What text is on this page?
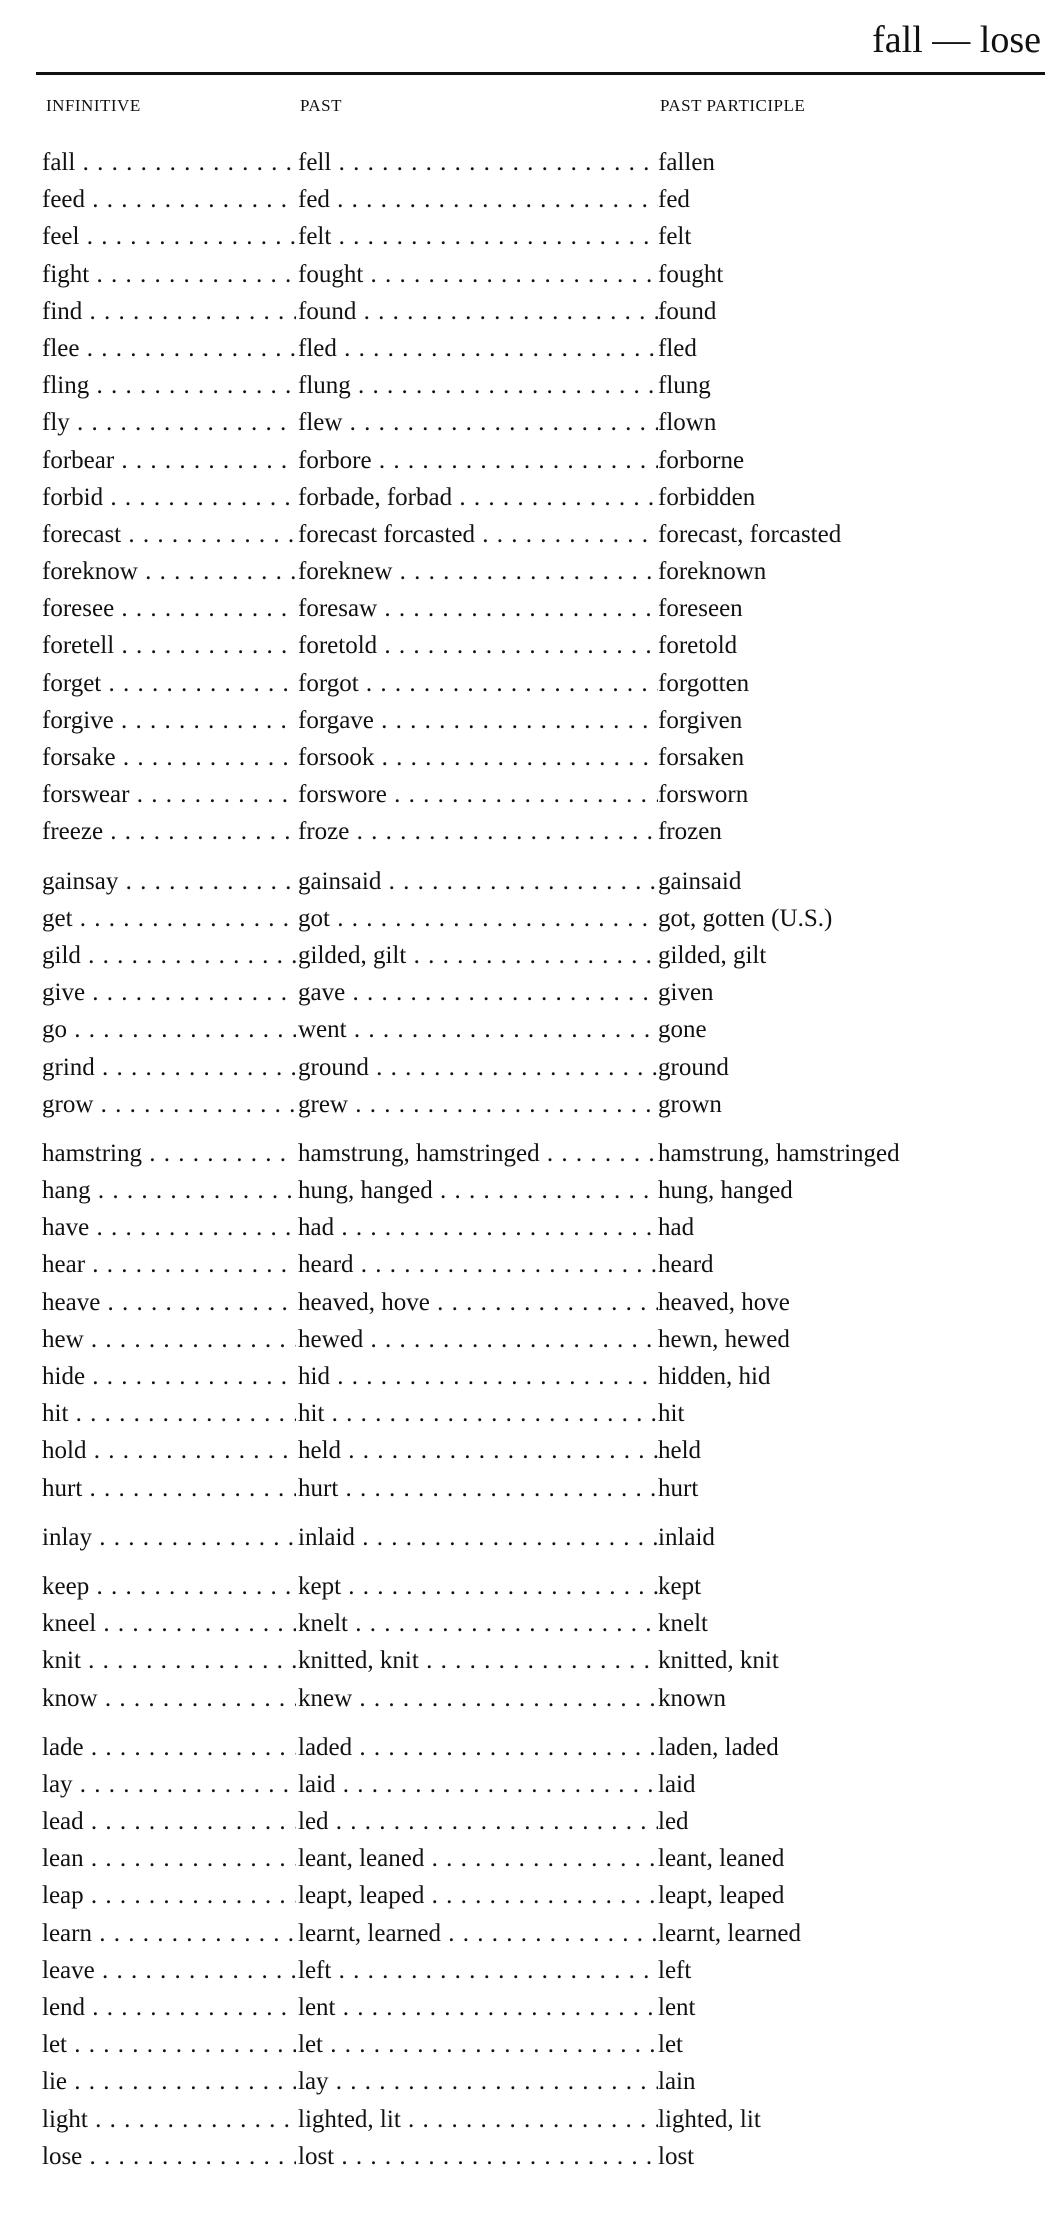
fall — lose
INFINITIVE	PAST	PAST PARTICIPLE
fall . . .	fell . . .	fallen
feed . . .	fed . . .	fed
feel . . .	felt . . .	felt
fight . . .	fought . . .	fought
find . . .	found . . .	found
flee . . .	fled . . .	fled
fling . . .	flung . . .	flung
fly . . .	flew . . .	flown
forbear . . .	forbore . . .	forborne
forbid . . .	forbade, forbad . . .	forbidden
forecast . . .	forecast forcasted . . .	forecast, forcasted
foreknow . . .	foreknew . . .	foreknown
foresee . . .	foresaw . . .	foreseen
foretell . . .	foretold . . .	foretold
forget . . .	forgot . . .	forgotten
forgive . . .	forgave . . .	forgiven
forsake . . .	forsook . . .	forsaken
forswear . . .	forswore . . .	forsworn
freeze . . .	froze . . .	frozen
gainsay . . .	gainsaid . . .	gainsaid
get . . .	got . . .	got, gotten (U.S.)
gild . . .	gilded, gilt . . .	gilded, gilt
give . . .	gave . . .	given
go . . .	went . . .	gone
grind . . .	ground . . .	ground
grow . . .	grew . . .	grown
hamstring . . .	hamstrung, hamstringed . . .	hamstrung, hamstringed
hang . . .	hung, hanged . . .	hung, hanged
have . . .	had . . .	had
hear . . .	heard . . .	heard
heave . . .	heaved, hove . . .	heaved, hove
hew . . .	hewed . . .	hewn, hewed
hide . . .	hid . . .	hidden, hid
hit . . .	hit . . .	hit
hold . . .	held . . .	held
hurt . . .	hurt . . .	hurt
inlay . . .	inlaid . . .	inlaid
keep . . .	kept . . .	kept
kneel . . .	knelt . . .	knelt
knit . . .	knitted, knit . . .	knitted, knit
know . . .	knew . . .	known
lade . . .	laded . . .	laden, laded
lay . . .	laid . . .	laid
lead . . .	led . . .	led
lean . . .	leant, leaned . . .	leant, leaned
leap . . .	leapt, leaped . . .	leapt, leaped
learn . . .	learnt, learned . . .	learnt, learned
leave . . .	left . . .	left
lend . . .	lent . . .	lent
let . . .	let . . .	let
lie . . .	lay . . .	lain
light . . .	lighted, lit . . .	lighted, lit
lose . . .	lost . . .	lost
